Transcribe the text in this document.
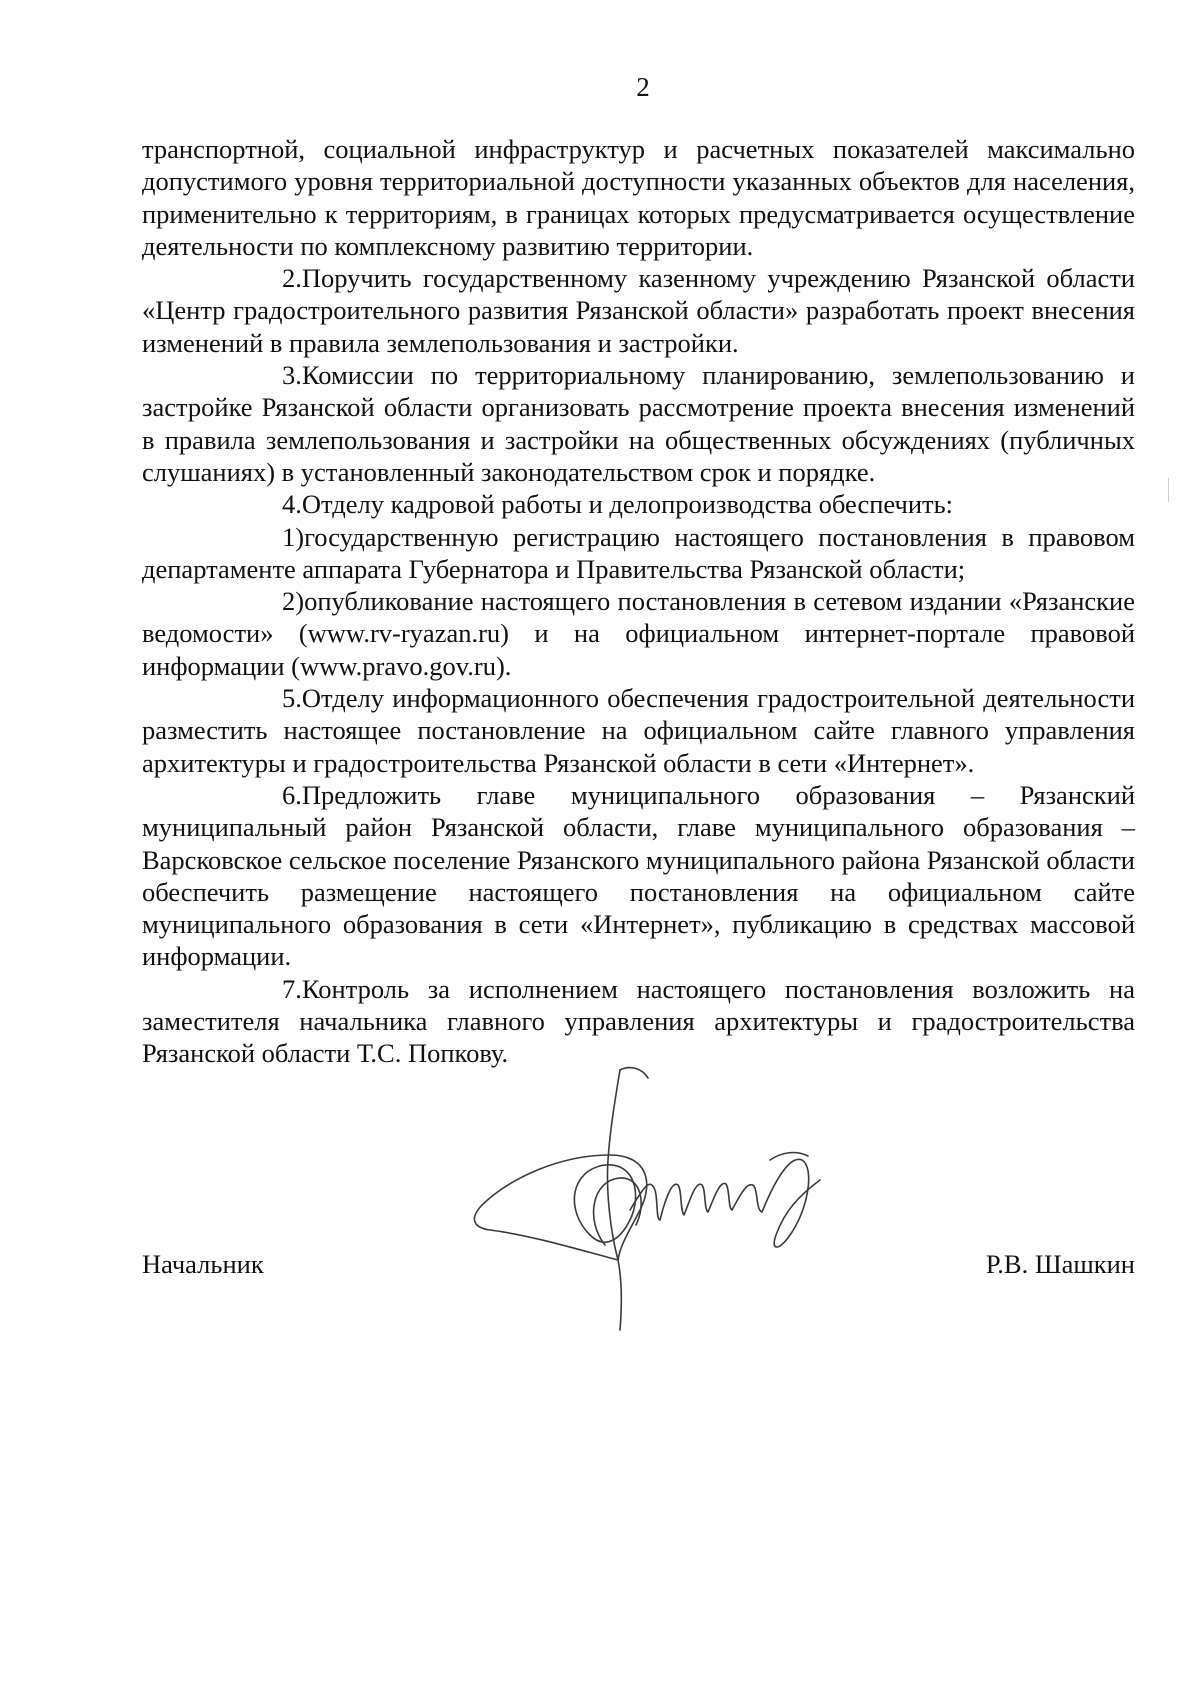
2

транспортной, социальной инфраструктур и расчетных показателей максимально допустимого уровня территориальной доступности указанных объектов для населения, применительно к территориям, в границах которых предусматривается осуществление деятельности по комплексному развитию территории.

2.Поручить государственному казенному учреждению Рязанской области «Центр градостроительного развития Рязанской области» разработать проект внесения изменений в правила землепользования и застройки.

3.Комиссии по территориальному планированию, землепользованию и застройке Рязанской области организовать рассмотрение проекта внесения изменений в правила землепользования и застройки на общественных обсуждениях (публичных слушаниях) в установленный законодательством срок и порядке.

4.Отделу кадровой работы и делопроизводства обеспечить:

1)государственную регистрацию настоящего постановления в правовом департаменте аппарата Губернатора и Правительства Рязанской области;

2)опубликование настоящего постановления в сетевом издании «Рязанские ведомости» (www.rv-ryazan.ru) и на официальном интернет-портале правовой информации (www.pravo.gov.ru).

5.Отделу информационного обеспечения градостроительной деятельности разместить настоящее постановление на официальном сайте главного управления архитектуры и градостроительства Рязанской области в сети «Интернет».

6.Предложить главе муниципального образования – Рязанский муниципальный район Рязанской области, главе муниципального образования – Варсковское сельское поселение Рязанского муниципального района Рязанской области обеспечить размещение настоящего постановления на официальном сайте муниципального образования в сети «Интернет», публикацию в средствах массовой информации.

7.Контроль за исполнением настоящего постановления возложить на заместителя начальника главного управления архитектуры и градостроительства Рязанской области Т.С. Попкову.

Начальник	Р.В. Шашкин
